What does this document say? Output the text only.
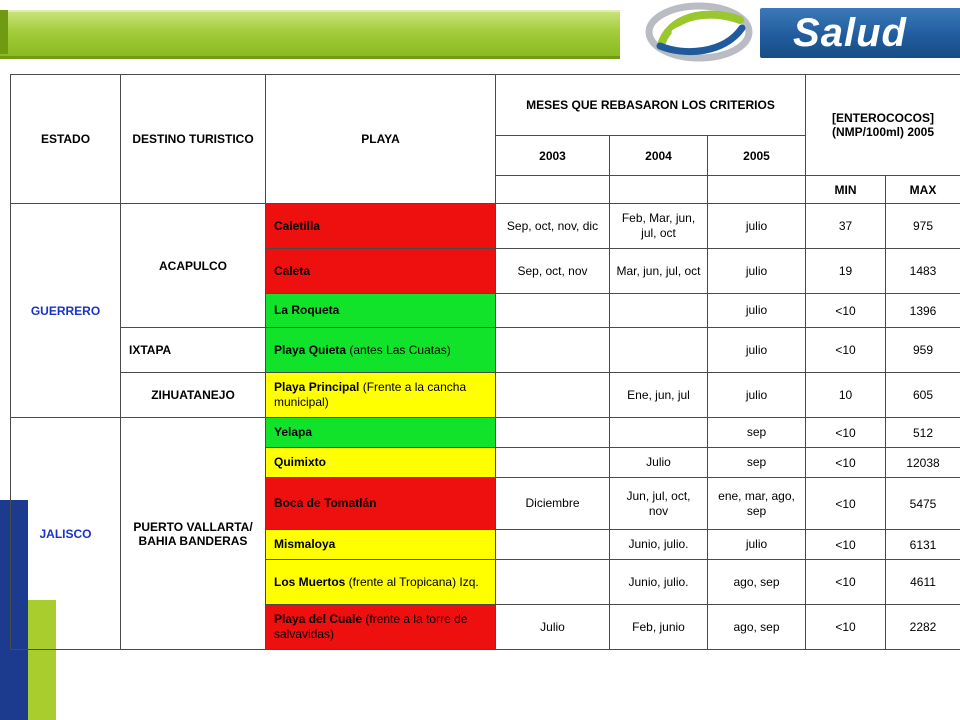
Salud
ESTADO	DESTINO TURISTICO	PLAYA	MESES QUE REBASARON LOS CRITERIOS			[ENTEROCOCOS] (NMP/100ml) 2005	
			2003	2004	2005		
						MIN	MAX
GUERRERO	ACAPULCO	Caletilla	Sep, oct, nov, dic	Feb, Mar, jun, jul, oct	julio	37	975
		Caleta	Sep, oct, nov	Mar, jun, jul, oct	julio	19	1483
		La Roqueta			julio	<10	1396
	IXTAPA	Playa Quieta (antes Las Cuatas)			julio	<10	959
	ZIHUATANEJO	Playa Principal (Frente a la cancha municipal)		Ene, jun, jul	julio	10	605
JALISCO	PUERTO VALLARTA/ BAHIA BANDERAS	Yelapa			sep	<10	512
		Quimixto		Julio	sep	<10	12038
		Boca de Tomatlán	Diciembre	Jun, jul, oct, nov	ene, mar, ago, sep	<10	5475
		Mismaloya		Junio, julio.	julio	<10	6131
		Los Muertos (frente al Tropicana) Izq.		Junio, julio.	ago, sep	<10	4611
		Playa del Cuale (frente a la torre de salvavidas)	Julio	Feb, junio	ago, sep	<10	2282
